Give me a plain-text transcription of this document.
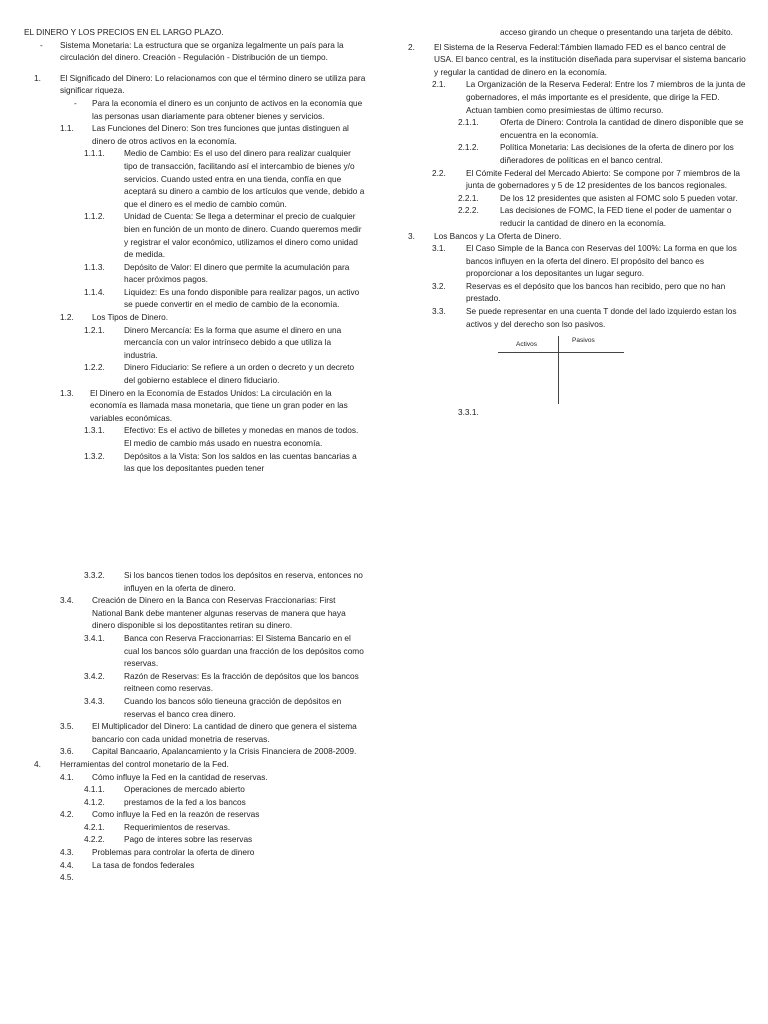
EL DINERO Y LOS PRECIOS EN EL LARGO PLAZO.

-	Sistema Monetaria: La estructura que se organiza legalmente un país para la circulación del dinero. Creación - Regulación - Distribución de un tiempo.
1.	El Significado del Dinero: Lo relacionamos con que el término dinero se utiliza para significar riqueza.
-	Para la economía el dinero es un conjunto de activos en la economía que las personas usan diariamente para obtener bienes y servicios.
1.1.	Las Funciones del Dinero: Son tres funciones que juntas distinguen al dinero de otros activos en la economía.
1.1.1.	Medio de Cambio: Es el uso del dinero para realizar cualquier tipo de transacción, facilitando así el intercambio de bienes y/o servicios. Cuando usted entra en una tienda, confía en que aceptará su dinero a cambio de los artículos que vende, debido a que el dinero es el medio de cambio común.
1.1.2.	Unidad de Cuenta: Se llega a determinar el precio de cualquier bien en función de un monto de dinero. Cuando queremos medir y registrar el valor económico, utilizamos el dinero como unidad de medida.
1.1.3.	Depósito de Valor: El dinero que permite la acumulación para hacer próximos pagos.
1.1.4.	Liquidez: Es una fondo disponible para realizar pagos, un activo se puede convertir en el medio de cambio de la economía.
1.2.	Los Tipos de Dinero.
1.2.1.	Dinero Mercancía: Es la forma que asume el dinero en una mercancía con un valor intrínseco debido a que utiliza la industria.
1.2.2.	Dinero Fiduciario: Se refiere a un orden o decreto y un decreto del gobierno establece el dinero fiduciario.
1.3.	El Dinero en la Economía de Estados Unidos: La circulación en la economía es llamada masa monetaria, que tiene un gran poder en las variables económicas.
1.3.1.	Efectivo: Es el activo de billetes y monedas en manos de todos. El medio de cambio más usado en nuestra economía.
1.3.2.	Depósitos a la Vista: Son los saldos en las cuentas bancarias a las que los depositantes pueden tener
acceso girando un cheque o presentando una tarjeta de débito.
2.	El Sistema de la Reserva Federal:Támbien llamado FED es el banco central de USA. El banco central, es la institución diseñada para supervisar el sistema bancario y regular la cantidad de dinero en la economía.
2.1.	La Organización de la Reserva Federal: Entre los 7 miembros de la junta de gobernadores, el más importante es el presidente, que dirige la FED. Actuan tambien como presimiestas de último recurso.
2.1.1.	Oferta de Dinero: Controla la cantidad de dinero disponible que se encuentra en la economía.
2.1.2.	Política Monetaria: Las decisiones de la oferta de dinero por los diñeradores de políticas en el banco central.
2.2.	El Cómite Federal del Mercado Abierto: Se compone por 7 miembros de la junta de gobernadores y 5 de 12 presidentes de los bancos regionales.
2.2.1.	De los 12 presidentes que asisten al FOMC solo 5 pueden votar.
2.2.2.	Las decisiones de FOMC, la FED tiene el poder de uamentar o reducir la cantidad de dinero en la economía.
3.	Los Bancos y La Oferta de Dinero.
3.1.	El Caso Simple de la Banca con Reservas del 100%: La forma en que los bancos influyen en la oferta del dinero. El propósito del banco es proporcionar a los depositantes un lugar seguro.
3.2.	Reservas es el depósito que los bancos han recibido, pero que no han prestado.
3.3.	Se puede representar en una cuenta T donde del lado izquierdo estan los activos y del derecho son lso pasivos.
Activos
Pasivos
3.3.1.
3.3.2.	Si los bancos tienen todos los depósitos en reserva, entonces no influyen en la oferta de dinero.
3.4.	Creación de Dinero en la Banca con Reservas Fraccionarias: First National Bank debe mantener algunas reservas de manera que haya dinero disponible si los depostitantes retiran su dinero.
3.4.1.	Banca con Reserva Fraccionarrias: El Sistema Bancario en el cual los bancos sólo guardan una fracción de los depósitos como reservas.
3.4.2.	Razón de Reservas: Es la fracción de depósitos que los bancos reitneen como reservas.
3.4.3.	Cuando los bancos sólo tieneuna gracción de depósitos en reservas el banco crea dinero.
3.5.	El Multiplicador del Dinero: La cantidad de dinero que genera el sistema bancario con cada unidad monetria de reservas.
3.6.	Capital Bancaario, Apalancamiento y la Crisis Financiera de 2008-2009.
4.	Herramientas del control monetario de la Fed.
4.1.	Cómo influye la Fed en la cantidad de reservas.
4.1.1.	Operaciones de mercado abierto
4.1.2.	prestamos de la fed a los bancos
4.2.	Como influye la Fed en la reazón de reservas
4.2.1.	Requerimientos de reservas.
4.2.2.	Pago de interes sobre las reservas
4.3.	Problemas para controlar la oferta de dinero
4.4.	La tasa de fondos federales
4.5.
